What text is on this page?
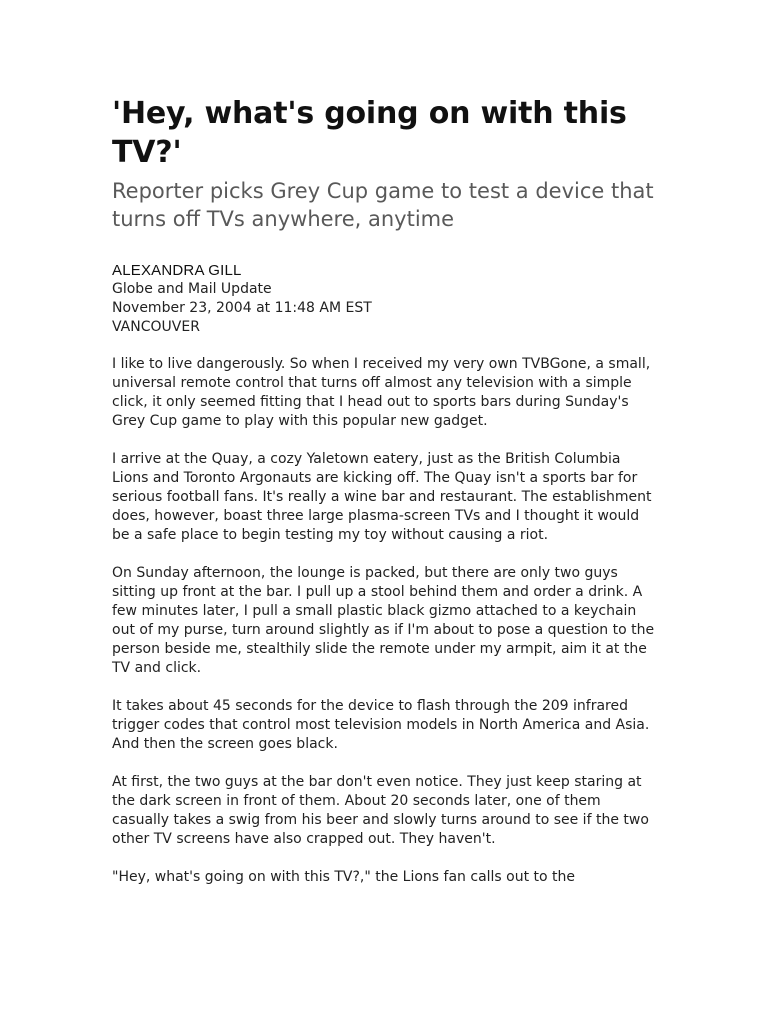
'Hey, what's going on with this TV?'
Reporter picks Grey Cup game to test a device that turns off TVs anywhere, anytime
ALEXANDRA GILL
Globe and Mail Update
November 23, 2004 at 11:48 AM EST
VANCOUVER

I like to live dangerously. So when I received my very own TVBGone, a small, universal remote control that turns off almost any television with a simple click, it only seemed fitting that I head out to sports bars during Sunday's Grey Cup game to play with this popular new gadget.

I arrive at the Quay, a cozy Yaletown eatery, just as the British Columbia Lions and Toronto Argonauts are kicking off. The Quay isn't a sports bar for serious football fans. It's really a wine bar and restaurant. The establishment does, however, boast three large plasma-screen TVs and I thought it would be a safe place to begin testing my toy without causing a riot.

On Sunday afternoon, the lounge is packed, but there are only two guys sitting up front at the bar. I pull up a stool behind them and order a drink. A few minutes later, I pull a small plastic black gizmo attached to a keychain out of my purse, turn around slightly as if I'm about to pose a question to the person beside me, stealthily slide the remote under my armpit, aim it at the TV and click.

It takes about 45 seconds for the device to flash through the 209 infrared trigger codes that control most television models in North America and Asia. And then the screen goes black.

At first, the two guys at the bar don't even notice. They just keep staring at the dark screen in front of them. About 20 seconds later, one of them casually takes a swig from his beer and slowly turns around to see if the two other TV screens have also crapped out. They haven't.

"Hey, what's going on with this TV?," the Lions fan calls out to the
